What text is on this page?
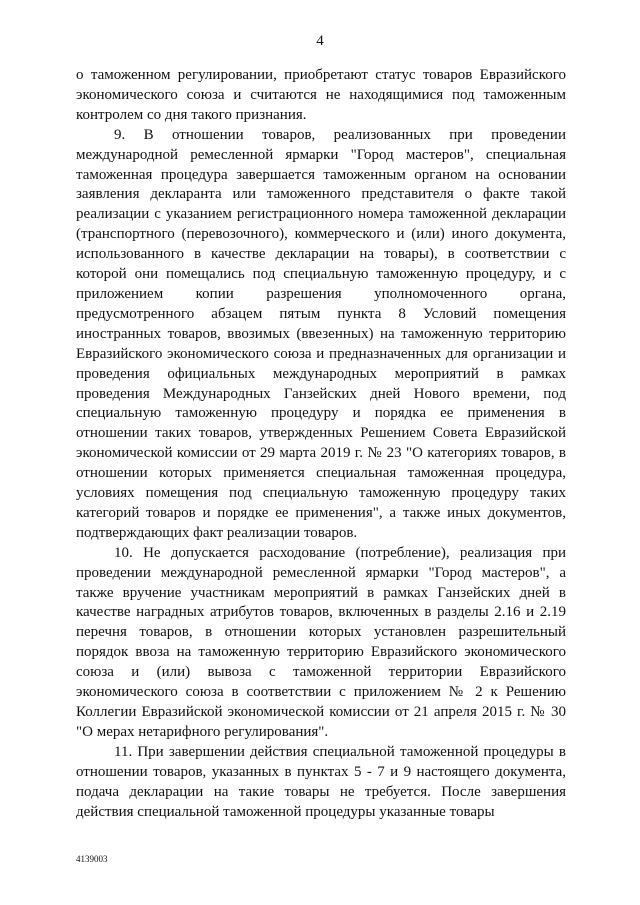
4

о таможенном регулировании, приобретают статус товаров Евразийского экономического союза и считаются не находящимися под таможенным контролем со дня такого признания.

9. В отношении товаров, реализованных при проведении международной ремесленной ярмарки "Город мастеров", специальная таможенная процедура завершается таможенным органом на основании заявления декларанта или таможенного представителя о факте такой реализации с указанием регистрационного номера таможенной декларации (транспортного (перевозочного), коммерческого и (или) иного документа, использованного в качестве декларации на товары), в соответствии с которой они помещались под специальную таможенную процедуру, и с приложением копии разрешения уполномоченного органа, предусмотренного абзацем пятым пункта 8 Условий помещения иностранных товаров, ввозимых (ввезенных) на таможенную территорию Евразийского экономического союза и предназначенных для организации и проведения официальных международных мероприятий в рамках проведения Международных Ганзейских дней Нового времени, под специальную таможенную процедуру и порядка ее применения в отношении таких товаров, утвержденных Решением Совета Евразийской экономической комиссии от 29 марта 2019 г. № 23 "О категориях товаров, в отношении которых применяется специальная таможенная процедура, условиях помещения под специальную таможенную процедуру таких категорий товаров и порядке ее применения", а также иных документов, подтверждающих факт реализации товаров.

10. Не допускается расходование (потребление), реализация при проведении международной ремесленной ярмарки "Город мастеров", а также вручение участникам мероприятий в рамках Ганзейских дней в качестве наградных атрибутов товаров, включенных в разделы 2.16 и 2.19 перечня товаров, в отношении которых установлен разрешительный порядок ввоза на таможенную территорию Евразийского экономического союза и (или) вывоза с таможенной территории Евразийского экономического союза в соответствии с приложением № 2 к Решению Коллегии Евразийской экономической комиссии от 21 апреля 2015 г. № 30 "О мерах нетарифного регулирования".

11. При завершении действия специальной таможенной процедуры в отношении товаров, указанных в пунктах 5 - 7 и 9 настоящего документа, подача декларации на такие товары не требуется. После завершения действия специальной таможенной процедуры указанные товары

4139003
